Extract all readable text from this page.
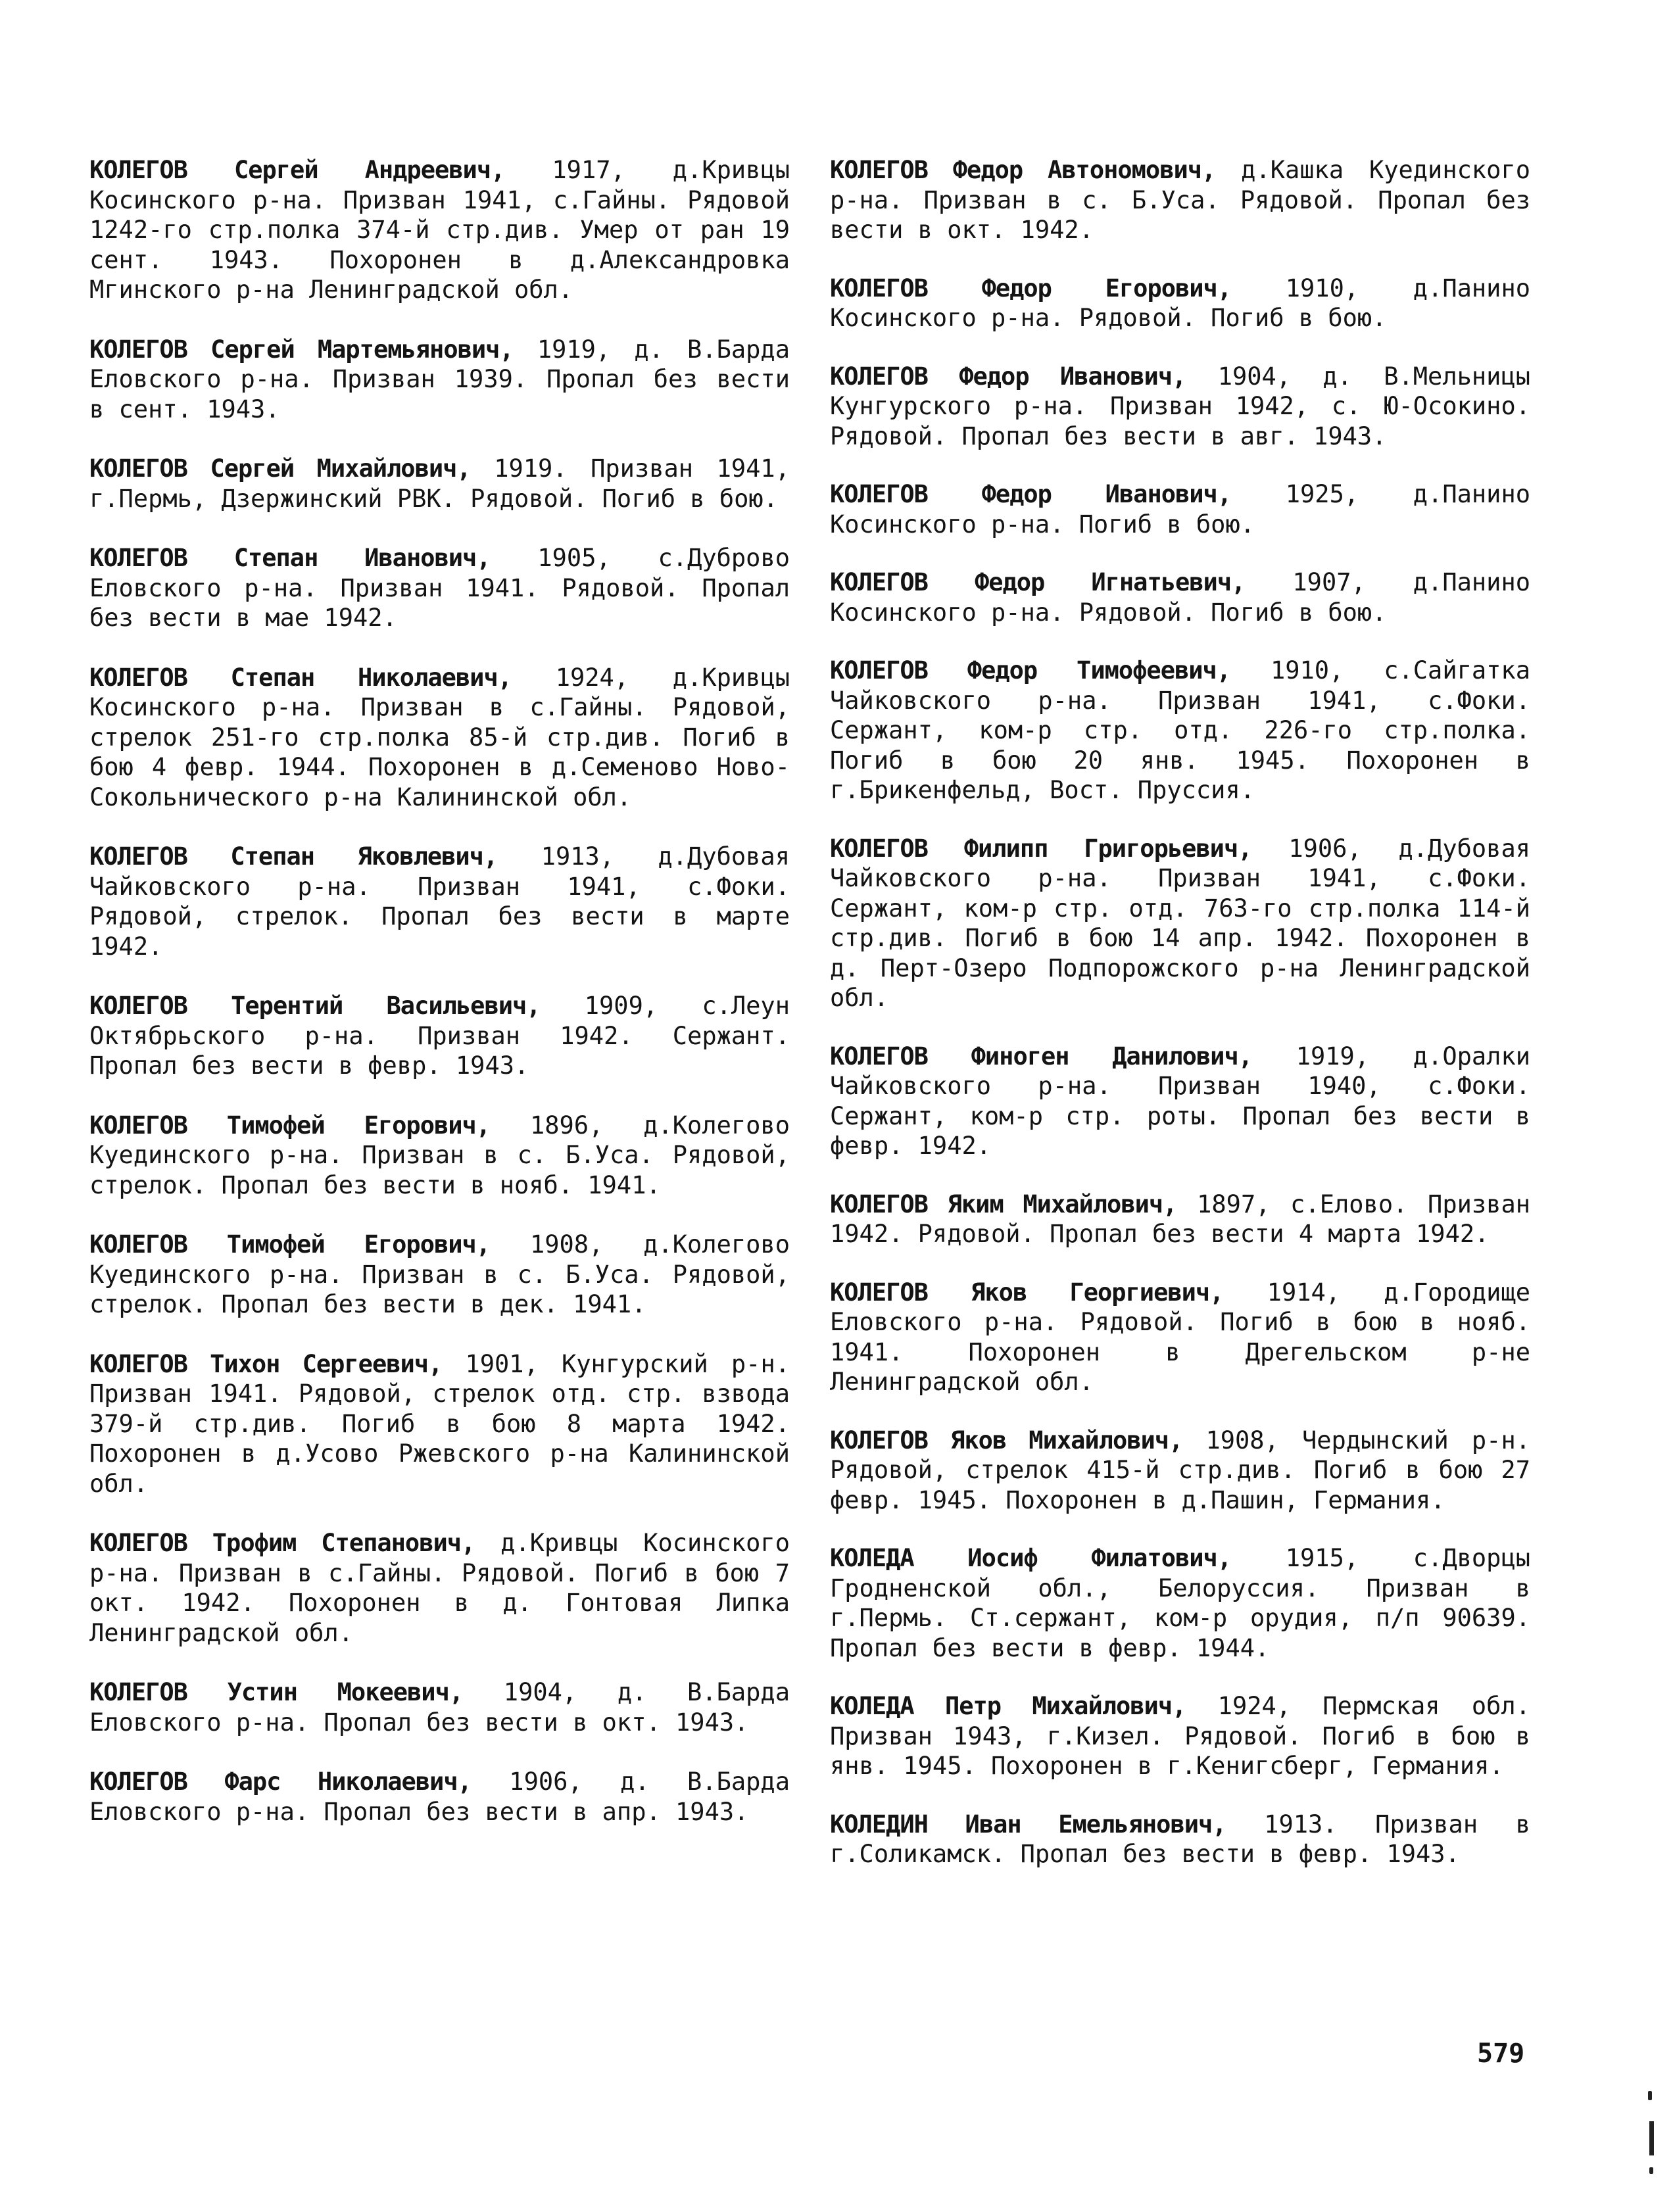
КОЛЕГОВ Сергей Андреевич, 1917, д.Кривцы Косинского р-на. Призван 1941, с.Гайны. Рядовой 1242-го стр.полка 374-й стр.див. Умер от ран 19 сент. 1943. Похоронен в д.Александровка Мгинского р-на Ленинградской обл.

КОЛЕГОВ Сергей Мартемьянович, 1919, д. В.Барда Еловского р-на. Призван 1939. Пропал без вести в сент. 1943.

КОЛЕГОВ Сергей Михайлович, 1919. Призван 1941, г.Пермь, Дзержинский РВК. Рядовой. Погиб в бою.

КОЛЕГОВ Степан Иванович, 1905, с.Дуброво Еловского р-на. Призван 1941. Рядовой. Пропал без вести в мае 1942.

КОЛЕГОВ Степан Николаевич, 1924, д.Кривцы Косинского р-на. Призван в с.Гайны. Рядовой, стрелок 251-го стр.полка 85-й стр.див. Погиб в бою 4 февр. 1944. Похоронен в д.Семеново Ново-Сокольнического р-на Калининской обл.

КОЛЕГОВ Степан Яковлевич, 1913, д.Дубовая Чайковского р-на. Призван 1941, с.Фоки. Рядовой, стрелок. Пропал без вести в марте 1942.

КОЛЕГОВ Терентий Васильевич, 1909, с.Леун Октябрьского р-на. Призван 1942. Сержант. Пропал без вести в февр. 1943.

КОЛЕГОВ Тимофей Егорович, 1896, д.Колегово Куединского р-на. Призван в с. Б.Уса. Рядовой, стрелок. Пропал без вести в нояб. 1941.

КОЛЕГОВ Тимофей Егорович, 1908, д.Колегово Куединского р-на. Призван в с. Б.Уса. Рядовой, стрелок. Пропал без вести в дек. 1941.

КОЛЕГОВ Тихон Сергеевич, 1901, Кунгурский р-н. Призван 1941. Рядовой, стрелок отд. стр. взвода 379-й стр.див. Погиб в бою 8 марта 1942. Похоронен в д.Усово Ржевского р-на Калининской обл.

КОЛЕГОВ Трофим Степанович, д.Кривцы Косинского р-на. Призван в с.Гайны. Рядовой. Погиб в бою 7 окт. 1942. Похоронен в д. Гонтовая Липка Ленинградской обл.

КОЛЕГОВ Устин Мокеевич, 1904, д. В.Барда Еловского р-на. Пропал без вести в окт. 1943.

КОЛЕГОВ Фарс Николаевич, 1906, д. В.Барда Еловского р-на. Пропал без вести в апр. 1943.

КОЛЕГОВ Федор Автономович, д.Кашка Куединского р-на. Призван в с. Б.Уса. Рядовой. Пропал без вести в окт. 1942.

КОЛЕГОВ Федор Егорович, 1910, д.Панино Косинского р-на. Рядовой. Погиб в бою.

КОЛЕГОВ Федор Иванович, 1904, д. В.Мельницы Кунгурского р-на. Призван 1942, с. Ю-Осокино. Рядовой. Пропал без вести в авг. 1943.

КОЛЕГОВ Федор Иванович, 1925, д.Панино Косинского р-на. Погиб в бою.

КОЛЕГОВ Федор Игнатьевич, 1907, д.Панино Косинского р-на. Рядовой. Погиб в бою.

КОЛЕГОВ Федор Тимофеевич, 1910, с.Сайгатка Чайковского р-на. Призван 1941, с.Фоки. Сержант, ком-р стр. отд. 226-го стр.полка. Погиб в бою 20 янв. 1945. Похоронен в г.Брикенфельд, Вост. Пруссия.

КОЛЕГОВ Филипп Григорьевич, 1906, д.Дубовая Чайковского р-на. Призван 1941, с.Фоки. Сержант, ком-р стр. отд. 763-го стр.полка 114-й стр.див. Погиб в бою 14 апр. 1942. Похоронен в д. Перт-Озеро Подпорожского р-на Ленинградской обл.

КОЛЕГОВ Финоген Данилович, 1919, д.Оралки Чайковского р-на. Призван 1940, с.Фоки. Сержант, ком-р стр. роты. Пропал без вести в февр. 1942.

КОЛЕГОВ Яким Михайлович, 1897, с.Елово. Призван 1942. Рядовой. Пропал без вести 4 марта 1942.

КОЛЕГОВ Яков Георгиевич, 1914, д.Городище Еловского р-на. Рядовой. Погиб в бою в нояб. 1941. Похоронен в Дрегельском р-не Ленинградской обл.

КОЛЕГОВ Яков Михайлович, 1908, Чердынский р-н. Рядовой, стрелок 415-й стр.див. Погиб в бою 27 февр. 1945. Похоронен в д.Пашин, Германия.

КОЛЕДА Иосиф Филатович, 1915, с.Дворцы Гродненской обл., Белоруссия. Призван в г.Пермь. Ст.сержант, ком-р орудия, п/п 90639. Пропал без вести в февр. 1944.

КОЛЕДА Петр Михайлович, 1924, Пермская обл. Призван 1943, г.Кизел. Рядовой. Погиб в бою в янв. 1945. Похоронен в г.Кенигсберг, Германия.

КОЛЕДИН Иван Емельянович, 1913. Призван в г.Соликамск. Пропал без вести в февр. 1943.

579
